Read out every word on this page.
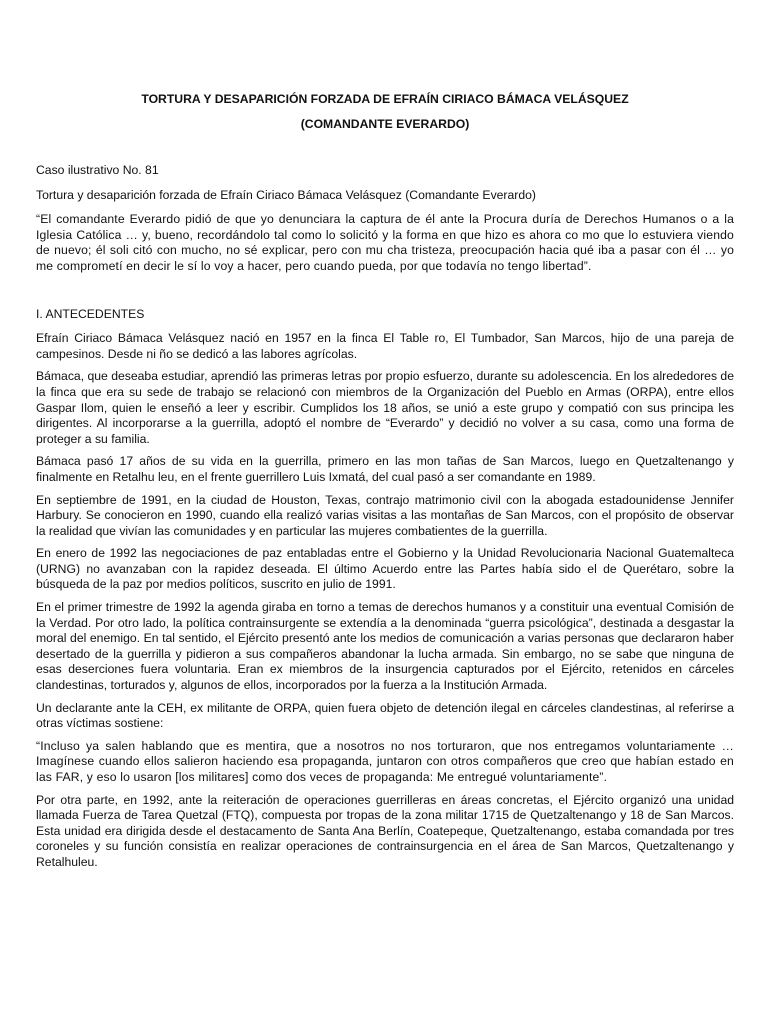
TORTURA Y DESAPARICIÓN FORZADA DE EFRAÍN CIRIACO BÁMACA VELÁSQUEZ
(COMANDANTE EVERARDO)

Caso ilustrativo No. 81

Tortura y desaparición forzada de Efraín Ciriaco Bámaca Velásquez (Comandante Everardo)

“El comandante Everardo pidió de que yo denunciara la captura de él ante la Procura duría de Derechos Humanos o a la Iglesia Católica … y, bueno, recordándolo tal como lo solicitó y la forma en que hizo es ahora co mo que lo estuviera viendo de nuevo; él soli citó con mucho, no sé explicar, pero con mu cha tristeza, preocupación hacia qué iba a pasar con él … yo me comprometí en decir le sí lo voy a hacer, pero cuando pueda, por que todavía no tengo libertad”.

I. ANTECEDENTES

Efraín Ciriaco Bámaca Velásquez nació en 1957 en la finca El Table ro, El Tumbador, San Marcos, hijo de una pareja de campesinos. Desde ni ño se dedicó a las labores agrícolas.

Bámaca, que deseaba estudiar, aprendió las primeras letras por propio esfuerzo, durante su adolescencia. En los alrededores de la finca que era su sede de trabajo se relacionó con miembros de la Organización del Pueblo en Armas (ORPA), entre ellos Gaspar Ilom, quien le enseñó a leer y escribir. Cumplidos los 18 años, se unió a este grupo y compatió con sus principa les dirigentes. Al incorporarse a la guerrilla, adoptó el nombre de “Everardo” y decidió no volver a su casa, como una forma de proteger a su familia.

Bámaca pasó 17 años de su vida en la guerrilla, primero en las mon tañas de San Marcos, luego en Quetzaltenango y finalmente en Retalhu leu, en el frente guerrillero Luis Ixmatá, del cual pasó a ser comandante en 1989.

En septiembre de 1991, en la ciudad de Houston, Texas, contrajo matrimonio civil con la abogada estadounidense Jennifer Harbury. Se conocieron en 1990, cuando ella realizó varias visitas a las montañas de San Marcos, con el propósito de observar la realidad que vivían las comunidades y en particular las mujeres combatientes de la guerrilla.

En enero de 1992 las negociaciones de paz entabladas entre el Gobierno y la Unidad Revolucionaria Nacional Guatemalteca (URNG) no avanzaban con la rapidez deseada. El último Acuerdo entre las Partes había sido el de Querétaro, sobre la búsqueda de la paz por medios políticos, suscrito en julio de 1991.

En el primer trimestre de 1992 la agenda giraba en torno a temas de derechos humanos y a constituir una eventual Comisión de la Verdad. Por otro lado, la política contrainsurgente se extendía a la denominada “guerra psicológica”, destinada a desgastar la moral del enemigo. En tal sentido, el Ejército presentó ante los medios de comunicación a varias personas que declararon haber desertado de la guerrilla y pidieron a sus compañeros abandonar la lucha armada. Sin embargo, no se sabe que ninguna de esas deserciones fuera voluntaria. Eran ex miembros de la insurgencia capturados por el Ejército, retenidos en cárceles clandestinas, torturados y, algunos de ellos, incorporados por la fuerza a la Institución Armada.

Un declarante ante la CEH, ex militante de ORPA, quien fuera objeto de detención ilegal en cárceles clandestinas, al referirse a otras víctimas sostiene:

“Incluso ya salen hablando que es mentira, que a nosotros no nos torturaron, que nos entregamos voluntariamente … Imagínese cuando ellos salieron haciendo esa propaganda, juntaron con otros compañeros que creo que habían estado en las FAR, y eso lo usaron [los militares] como dos veces de propaganda: Me entregué voluntariamente”.

Por otra parte, en 1992, ante la reiteración de operaciones guerrilleras en áreas concretas, el Ejército organizó una unidad llamada Fuerza de Tarea Quetzal (FTQ), compuesta por tropas de la zona militar 1715 de Quetzaltenango y 18 de San Marcos. Esta unidad era dirigida desde el destacamento de Santa Ana Berlín, Coatepeque, Quetzaltenango, estaba comandada por tres coroneles y su función consistía en realizar operaciones de contrainsurgencia en el área de San Marcos, Quetzaltenango y Retalhuleu.
